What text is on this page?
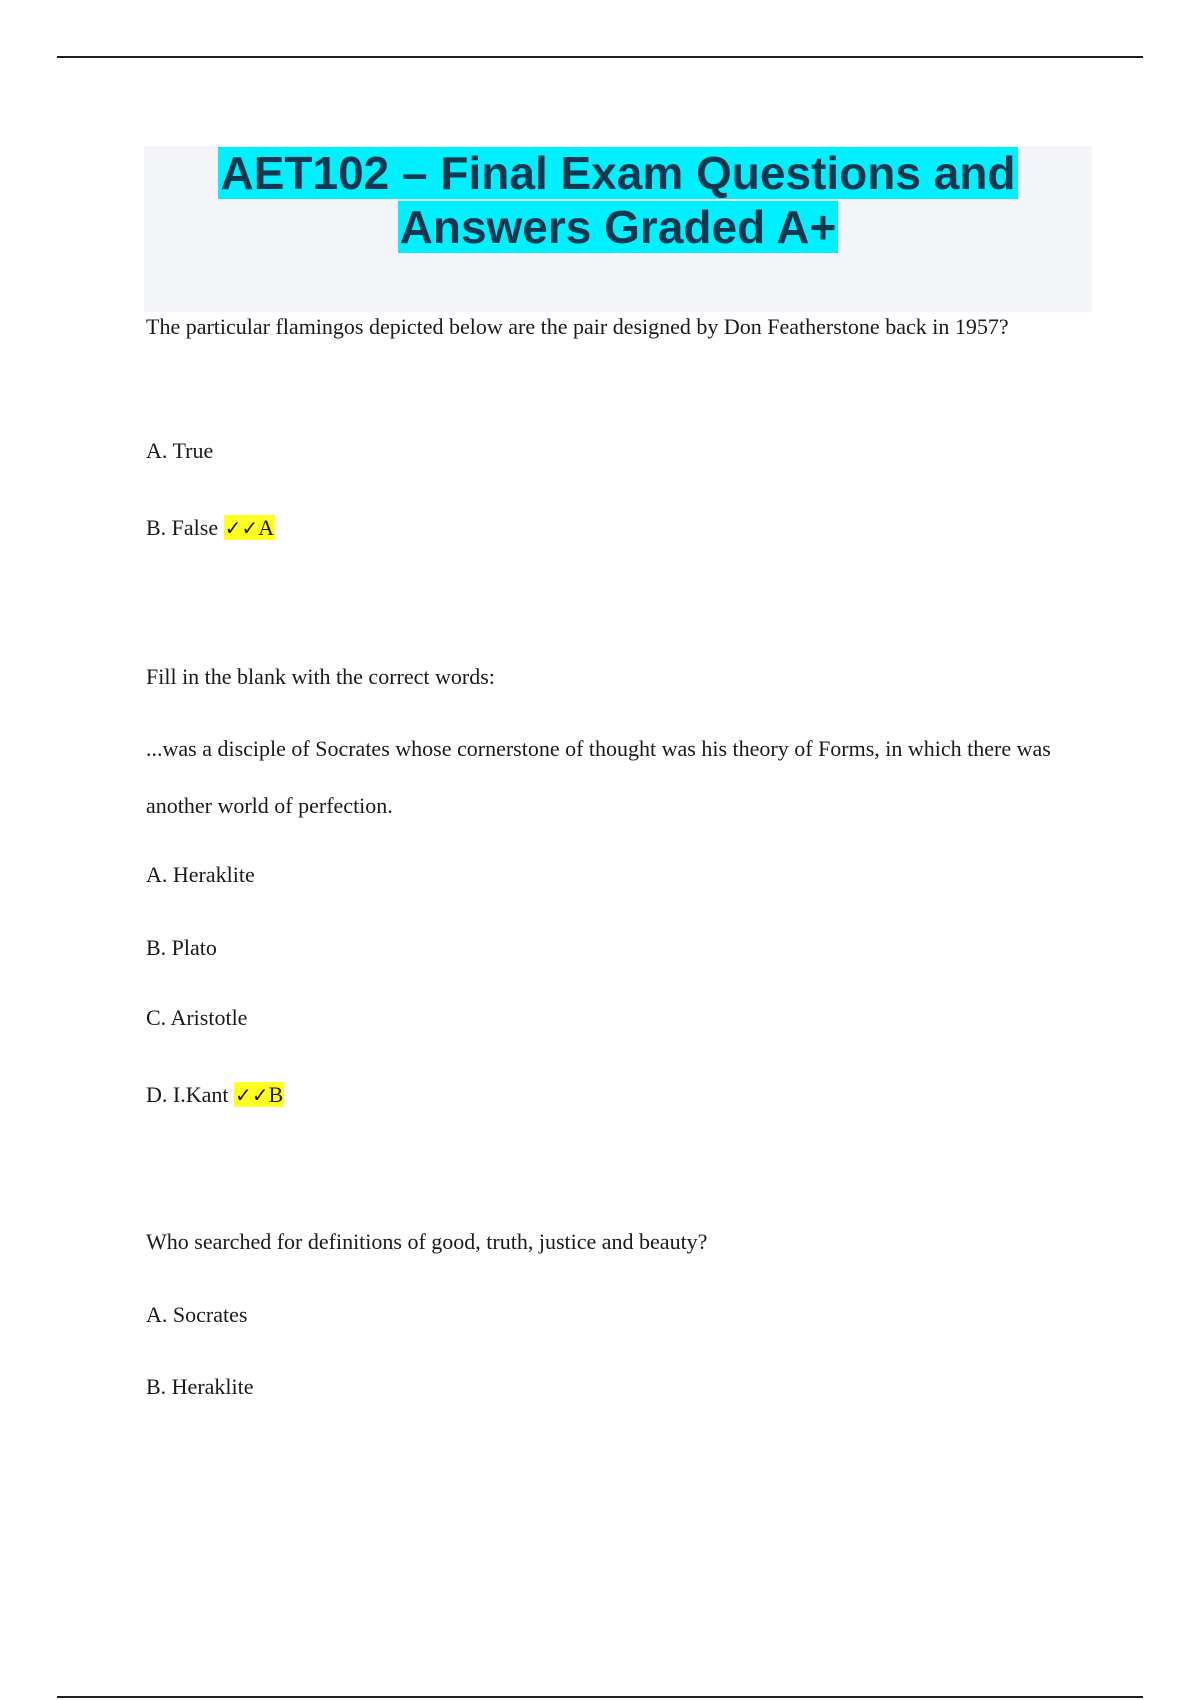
AET102 – Final Exam Questions and
Answers Graded A+
The particular flamingos depicted below are the pair designed by Don Featherstone back in 1957?
A. True
B. False ✓✓A
Fill in the blank with the correct words:
...was a disciple of Socrates whose cornerstone of thought was his theory of Forms, in which there was another world of perfection.
A. Heraklite
B. Plato
C. Aristotle
D. I.Kant ✓✓B
Who searched for definitions of good, truth, justice and beauty?
A. Socrates
B. Heraklite
